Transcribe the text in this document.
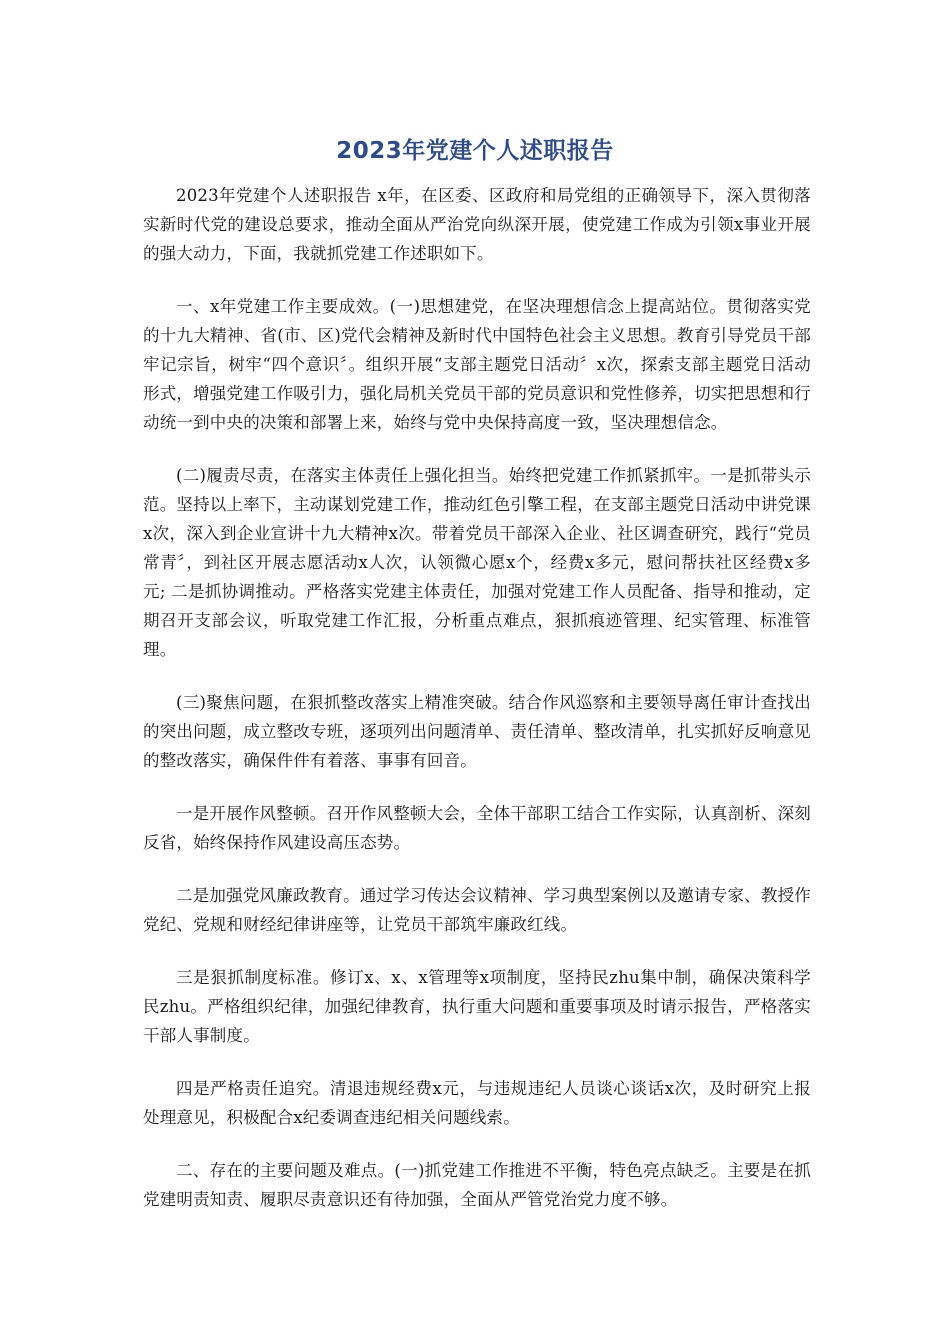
2023年党建个人述职报告

2023年党建个人述职报告 x年，在区委、区政府和局党组的正确领导下，深入贯彻落实新时代党的建设总要求，推动全面从严治党向纵深开展，使党建工作成为引领x事业开展的强大动力，下面，我就抓党建工作述职如下。

一、x年党建工作主要成效。(一)思想建党，在坚决理想信念上提高站位。贯彻落实党的十九大精神、省(市、区)党代会精神及新时代中国特色社会主义思想。教育引导党员干部牢记宗旨，树牢“四个意识〞。组织开展“支部主题党日活动〞x次，探索支部主题党日活动形式，增强党建工作吸引力，强化局机关党员干部的党员意识和党性修养，切实把思想和行动统一到中央的决策和部署上来，始终与党中央保持高度一致，坚决理想信念。

(二)履责尽责，在落实主体责任上强化担当。始终把党建工作抓紧抓牢。一是抓带头示范。坚持以上率下，主动谋划党建工作，推动红色引擎工程，在支部主题党日活动中讲党课x次，深入到企业宣讲十九大精神x次。带着党员干部深入企业、社区调查研究，践行“党员常青〞，到社区开展志愿活动x人次，认领微心愿x个，经费x多元，慰问帮扶社区经费x多元; 二是抓协调推动。严格落实党建主体责任，加强对党建工作人员配备、指导和推动，定期召开支部会议，听取党建工作汇报，分析重点难点，狠抓痕迹管理、纪实管理、标准管理。

(三)聚焦问题，在狠抓整改落实上精准突破。结合作风巡察和主要领导离任审计查找出的突出问题，成立整改专班，逐项列出问题清单、责任清单、整改清单，扎实抓好反响意见的整改落实，确保件件有着落、事事有回音。

一是开展作风整顿。召开作风整顿大会，全体干部职工结合工作实际，认真剖析、深刻反省，始终保持作风建设高压态势。

二是加强党风廉政教育。通过学习传达会议精神、学习典型案例以及邀请专家、教授作党纪、党规和财经纪律讲座等，让党员干部筑牢廉政红线。

三是狠抓制度标准。修订x、x、x管理等x项制度，坚持民zhu集中制，确保决策科学民zhu。严格组织纪律，加强纪律教育，执行重大问题和重要事项及时请示报告，严格落实干部人事制度。

四是严格责任追究。清退违规经费x元，与违规违纪人员谈心谈话x次，及时研究上报处理意见，积极配合x纪委调查违纪相关问题线索。

二、存在的主要问题及难点。(一)抓党建工作推进不平衡，特色亮点缺乏。主要是在抓党建明责知责、履职尽责意识还有待加强，全面从严管党治党力度不够。
